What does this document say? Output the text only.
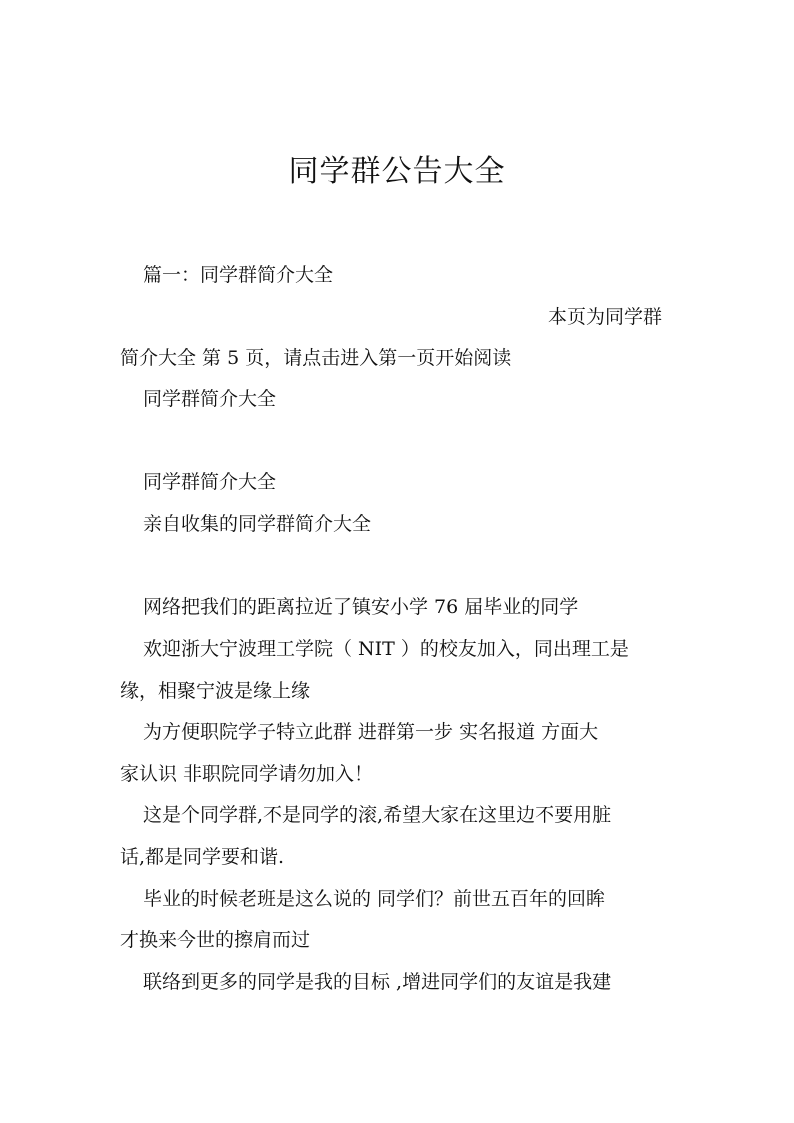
同学群公告大全
篇一：同学群简介大全
本页为同学群
简介大全 第 5 页，请点击进入第一页开始阅读
同学群简介大全
同学群简介大全
亲自收集的同学群简介大全
网络把我们的距离拉近了镇安小学 76 届毕业的同学
欢迎浙大宁波理工学院（ NIT ）的校友加入，同出理工是
缘，相聚宁波是缘上缘
为方便职院学子特立此群 进群第一步 实名报道 方面大
家认识 非职院同学请勿加入！
这是个同学群,不是同学的滚,希望大家在这里边不要用脏
话,都是同学要和谐.
毕业的时候老班是这么说的 同学们？前世五百年的回眸
才换来今世的擦肩而过
联络到更多的同学是我的目标 ,增进同学们的友谊是我建
